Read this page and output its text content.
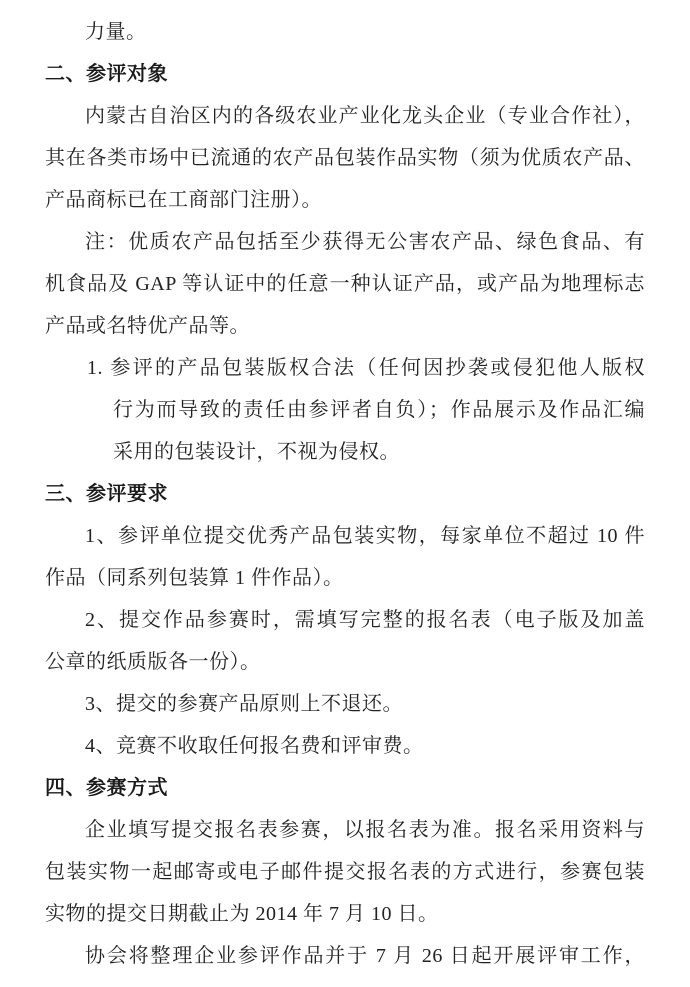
力量。
二、参评对象
内蒙古自治区内的各级农业产业化龙头企业（专业合作社），
其在各类市场中已流通的农产品包装作品实物（须为优质农产品、
产品商标已在工商部门注册）。
注：优质农产品包括至少获得无公害农产品、绿色食品、有
机食品及 GAP 等认证中的任意一种认证产品，或产品为地理标志
产品或名特优产品等。
1. 参评的产品包装版权合法（任何因抄袭或侵犯他人版权
行为而导致的责任由参评者自负）；作品展示及作品汇编
采用的包装设计，不视为侵权。
三、参评要求
1、参评单位提交优秀产品包装实物，每家单位不超过 10 件
作品（同系列包装算 1 件作品）。
2、提交作品参赛时，需填写完整的报名表（电子版及加盖
公章的纸质版各一份）。
3、提交的参赛产品原则上不退还。
4、竞赛不收取任何报名费和评审费。
四、参赛方式
企业填写提交报名表参赛，以报名表为准。报名采用资料与
包装实物一起邮寄或电子邮件提交报名表的方式进行，参赛包装
实物的提交日期截止为 2014 年 7 月 10 日。
协会将整理企业参评作品并于 7 月 26 日起开展评审工作，
